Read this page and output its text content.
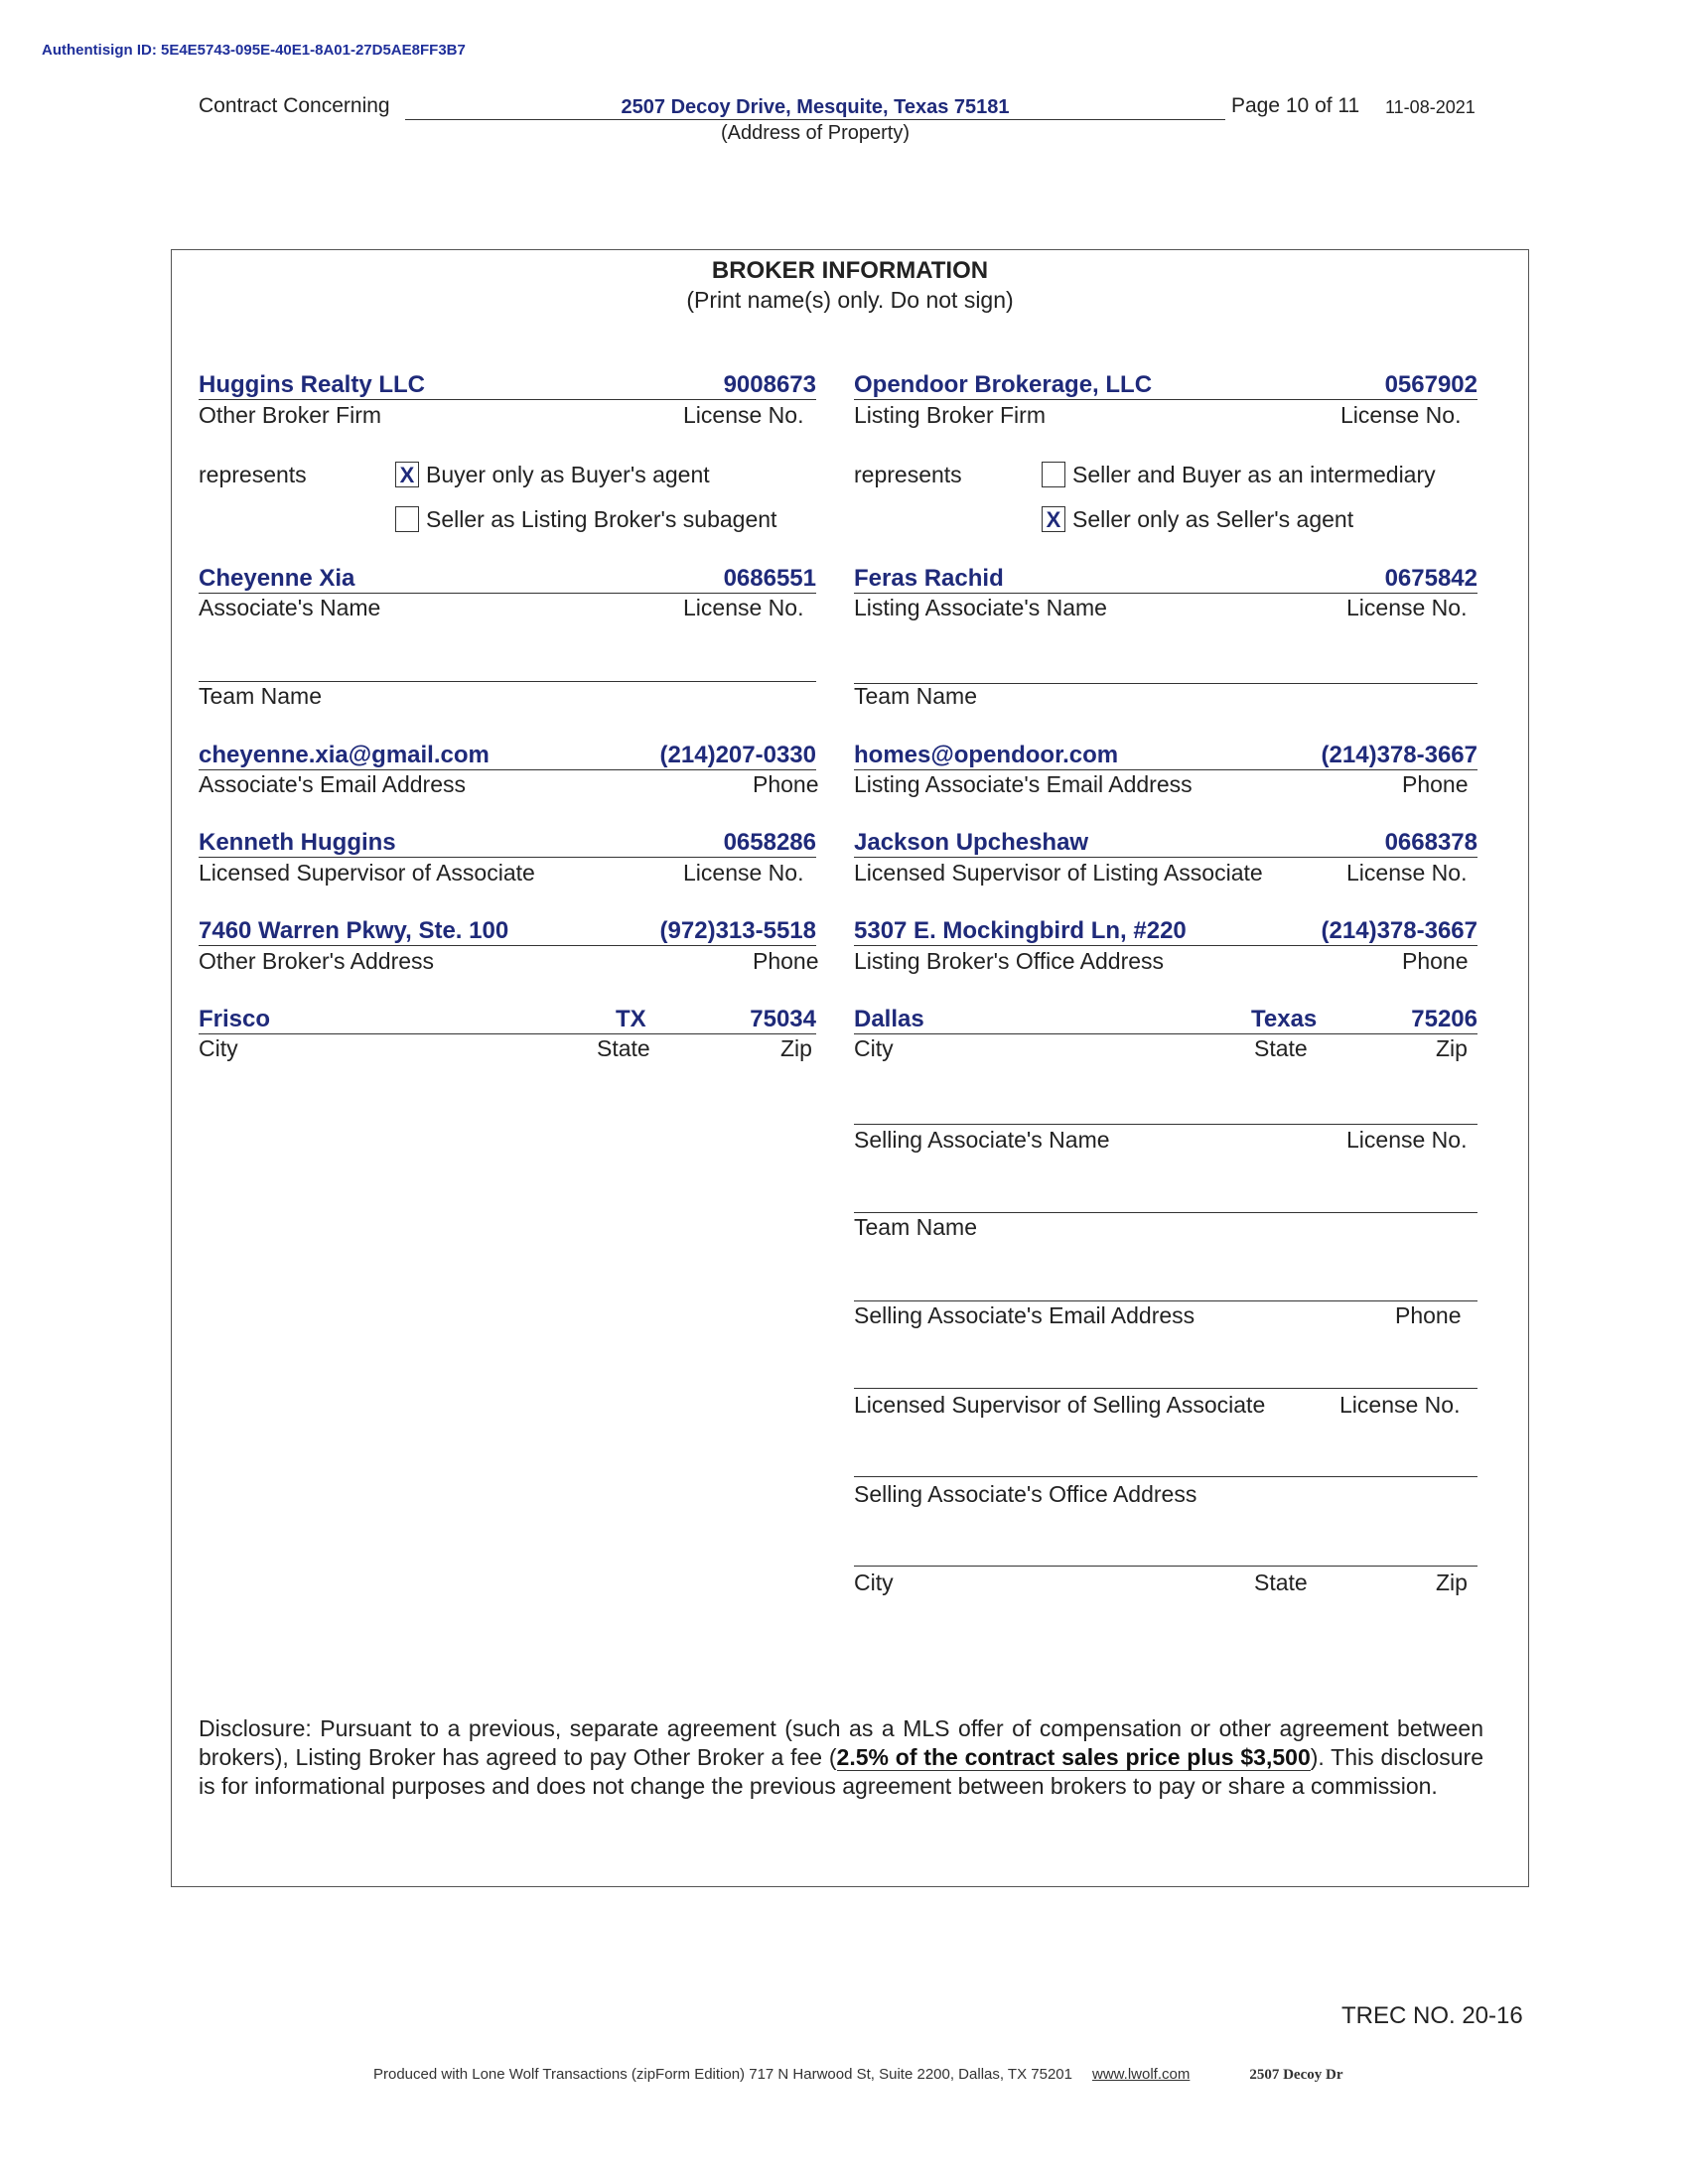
Authentisign ID: 5E4E5743-095E-40E1-8A01-27D5AE8FF3B7
Contract Concerning	2507 Decoy Drive, Mesquite, Texas 75181	Page 10 of 11 11-08-2021
(Address of Property)
BROKER INFORMATION
(Print name(s) only. Do not sign)
Huggins Realty LLC	9008673
Other Broker Firm	License No.
represents	X Buyer only as Buyer's agent
Seller as Listing Broker's subagent
Cheyenne Xia	0686551
Associate's Name	License No.
Team Name
cheyenne.xia@gmail.com	(214)207-0330
Associate's Email Address	Phone
Kenneth Huggins	0658286
Licensed Supervisor of Associate	License No.
7460 Warren Pkwy, Ste. 100	(972)313-5518
Other Broker's Address	Phone
Frisco	TX	75034
City	State	Zip
Opendoor Brokerage, LLC	0567902
Listing Broker Firm	License No.
represents	Seller and Buyer as an intermediary
X Seller only as Seller's agent
Feras Rachid	0675842
Listing Associate's Name	License No.
Team Name
homes@opendoor.com	(214)378-3667
Listing Associate's Email Address	Phone
Jackson Upcheshaw	0668378
Licensed Supervisor of Listing Associate	License No.
5307 E. Mockingbird Ln, #220	(214)378-3667
Listing Broker's Office Address	Phone
Dallas	Texas	75206
City	State	Zip
Selling Associate's Name	License No.
Team Name
Selling Associate's Email Address	Phone
Licensed Supervisor of Selling Associate	License No.
Selling Associate's Office Address
City	State	Zip
Disclosure: Pursuant to a previous, separate agreement (such as a MLS offer of compensation or other agreement between brokers), Listing Broker has agreed to pay Other Broker a fee (2.5% of the contract sales price plus $3,500). This disclosure is for informational purposes and does not change the previous agreement between brokers to pay or share a commission.
TREC NO. 20-16
Produced with Lone Wolf Transactions (zipForm Edition) 717 N Harwood St, Suite 2200, Dallas, TX 75201 www.lwolf.com	2507 Decoy Dr
